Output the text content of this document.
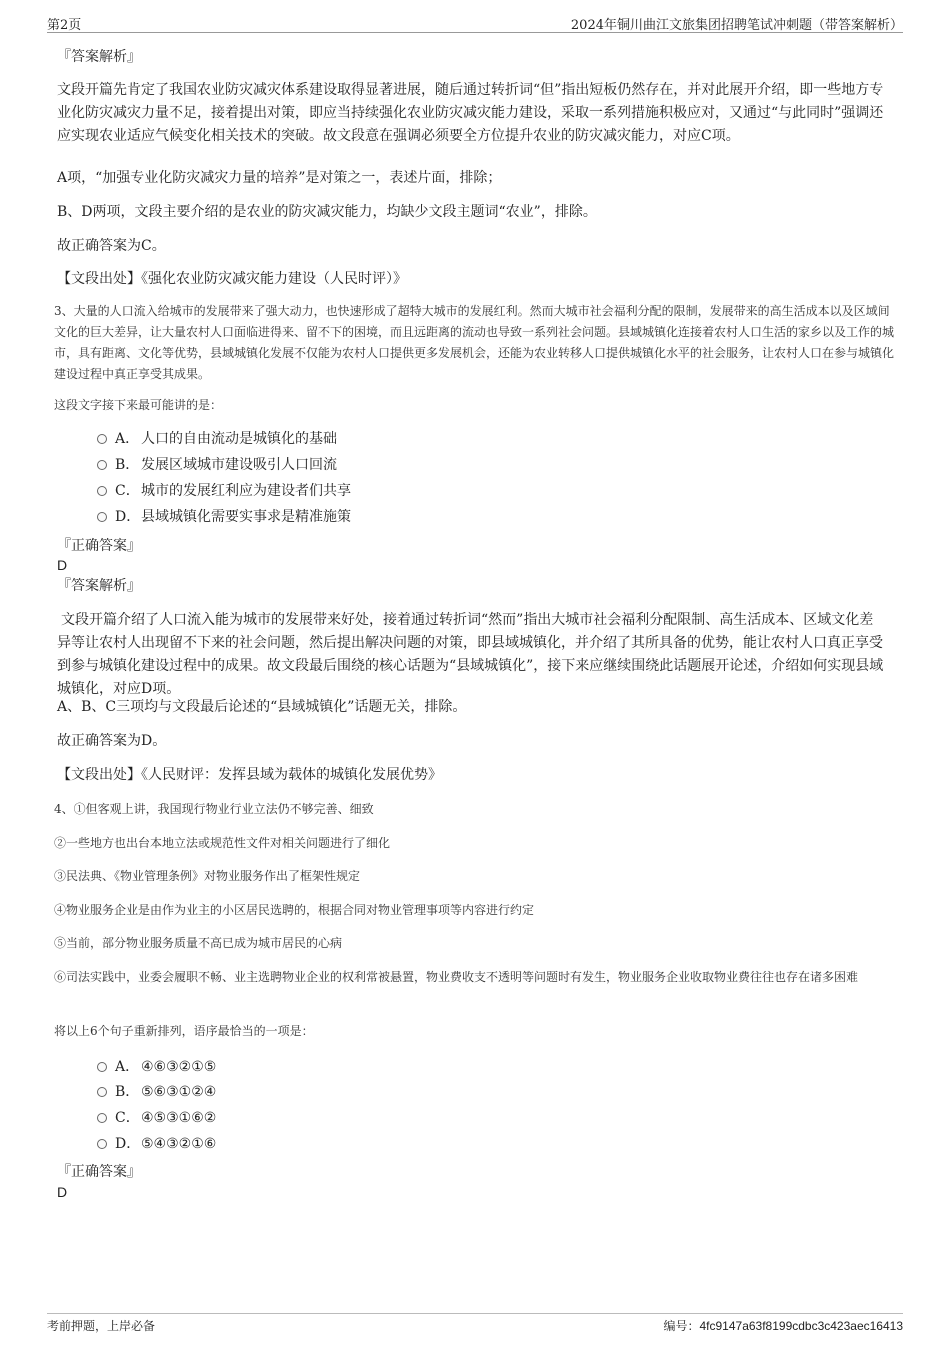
第2页	2024年铜川曲江文旅集团招聘笔试冲刺题（带答案解析）

『答案解析』

文段开篇先肯定了我国农业防灾减灾体系建设取得显著进展，随后通过转折词“但”指出短板仍然存在，并对此展开介绍，即一些地方专业化防灾减灾力量不足，接着提出对策，即应当持续强化农业防灾减灾能力建设，采取一系列措施积极应对，又通过“与此同时”强调还应实现农业适应气候变化相关技术的突破。故文段意在强调必须要全方位提升农业的防灾减灾能力，对应C项。

A项，“加强专业化防灾减灾力量的培养”是对策之一，表述片面，排除；

B、D两项，文段主要介绍的是农业的防灾减灾能力，均缺少文段主题词“农业”，排除。

故正确答案为C。

【文段出处】《强化农业防灾减灾能力建设（人民时评）》

3、大量的人口流入给城市的发展带来了强大动力，也快速形成了超特大城市的发展红利。然而大城市社会福利分配的限制，发展带来的高生活成本以及区域间文化的巨大差异，让大量农村人口面临进得来、留不下的困境，而且远距离的流动也导致一系列社会问题。县域城镇化连接着农村人口生活的家乡以及工作的城市，具有距离、文化等优势，县域城镇化发展不仅能为农村人口提供更多发展机会，还能为农业转移人口提供城镇化水平的社会服务，让农村人口在参与城镇化建设过程中真正享受其成果。

这段文字接下来最可能讲的是：

A． 人口的自由流动是城镇化的基础
B． 发展区域城市建设吸引人口回流
C．城市的发展红利应为建设者们共享
D．县域城镇化需要实事求是精准施策

『正确答案』

D

『答案解析』

文段开篇介绍了人口流入能为城市的发展带来好处，接着通过转折词“然而”指出大城市社会福利分配限制、高生活成本、区域文化差异等让农村人出现留不下来的社会问题，然后提出解决问题的对策，即县域城镇化，并介绍了其所具备的优势，能让农村人口真正享受到参与城镇化建设过程中的成果。故文段最后围绕的核心话题为“县域城镇化”，接下来应继续围绕此话题展开论述，介绍如何实现县域城镇化，对应D项。

A、B、C三项均与文段最后论述的“县域城镇化”话题无关，排除。

故正确答案为D。

【文段出处】《人民财评：发挥县域为载体的城镇化发展优势》

4、①但客观上讲，我国现行物业行业立法仍不够完善、细致

②一些地方也出台本地立法或规范性文件对相关问题进行了细化

③民法典、《物业管理条例》对物业服务作出了框架性规定

④物业服务企业是由作为业主的小区居民选聘的，根据合同对物业管理事项等内容进行约定

⑤当前，部分物业服务质量不高已成为城市居民的心病

⑥司法实践中，业委会履职不畅、业主选聘物业企业的权利常被悬置，物业费收支不透明等问题时有发生，物业服务企业收取物业费往往也存在诸多困难

将以上6个句子重新排列，语序最恰当的一项是：

A． ④⑥③②①⑤
B． ⑤⑥③①②④
C．④⑤③①⑥②
D．⑤④③②①⑥

『正确答案』

D

考前押题，上岸必备	编号：4fc9147a63f8199cdbc3c423aec16413
